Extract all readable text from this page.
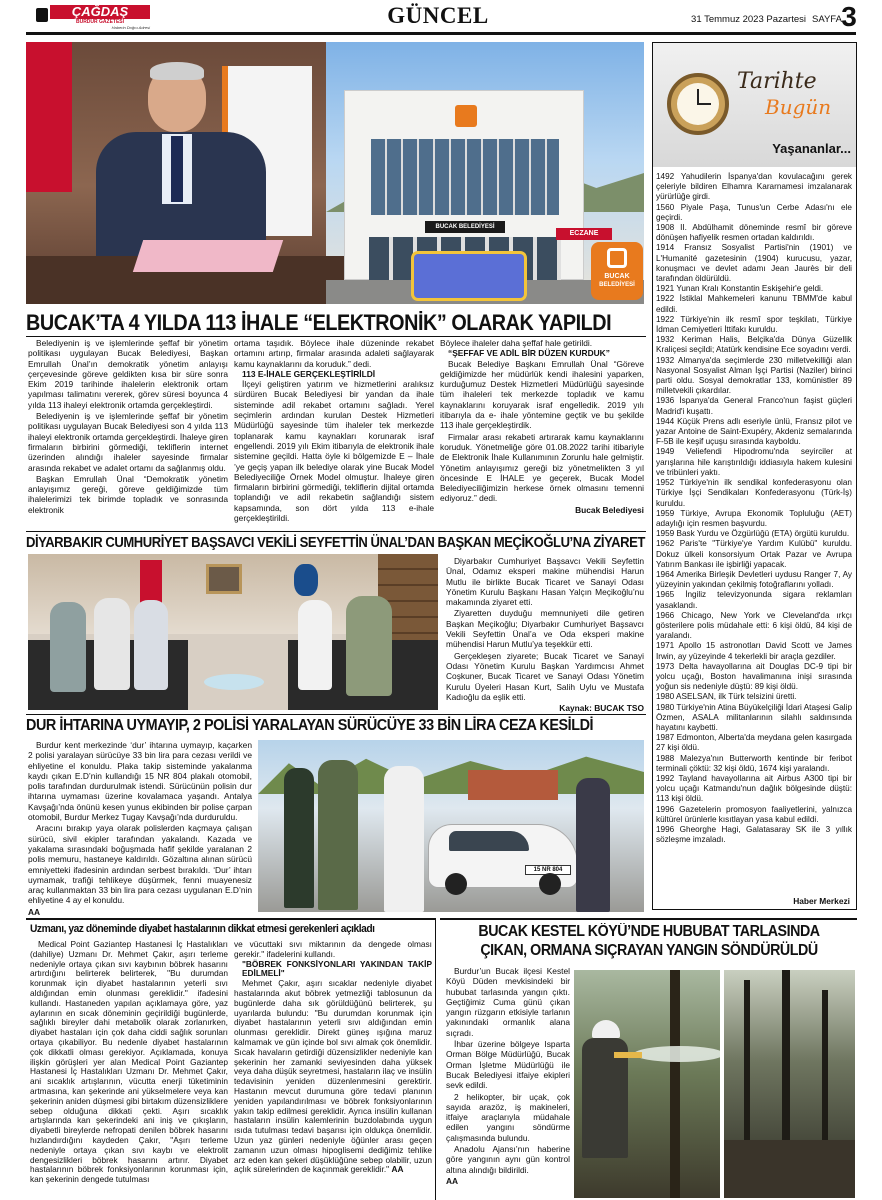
ÇAĞDAŞ
BURDUR GAZETESİ
Haberin Doğru Adresi	GÜNCEL	31 Temmuz 2023 Pazartesi SAYFA 3
BUCAK BELEDİYESİ
ECZANE
BUCAK
BELEDİYESİ
Tarihte
Bugün
Yaşananlar...
1492 Yahudilerin İspanya'dan kovulacağını gerek çeleriyle bildiren Elhamra Kararnamesi imzalanarak yürürlüğe girdi.
1560 Piyale Paşa, Tunus'un Cerbe Adası'nı ele geçirdi.
1908 II. Abdülhamit döneminde resmî bir göreve dönüşen hafiyelik resmen ortadan kaldırıldı.
1914 Fransız Sosyalist Partisi'nin (1901) ve L'Humanité gazetesinin (1904) kurucusu, yazar, konuşmacı ve devlet adamı Jean Jaurès bir deli tarafından öldürüldü.
1921 Yunan Kralı Konstantin Eskişehir'e geldi.
1922 İstiklal Mahkemeleri kanunu TBMM'de kabul edildi.
1922 Türkiye'nin ilk resmî spor teşkilatı, Türkiye İdman Cemiyetleri İttifakı kuruldu.
1932 Keriman Halis, Belçika'da Dünya Güzellik Kraliçesi seçildi; Atatürk kendisine Ece soyadını verdi.
1932 Almanya'da seçimlerde 230 milletvekilliği alan Nasyonal Sosyalist Alman İşçi Partisi (Naziler) birinci parti oldu. Sosyal demokratlar 133, komünistler 89 milletvekili çıkardılar.
1936 İspanya'da General Franco'nun faşist güçleri Madrid'i kuşattı.
1944 Küçük Prens adlı eseriyle ünlü, Fransız pilot ve yazar Antoine de Saint-Exupéry, Akdeniz semalarında F-5B ile keşif uçuşu sırasında kayboldu.
1949 Veliefendi Hipodromu'nda seyirciler at yarışlarına hile karıştırıldığı iddiasıyla hakem kulesini ve tribünleri yaktı.
1952 Türkiye'nin ilk sendikal konfederasyonu olan Türkiye İşçi Sendikaları Konfederasyonu (Türk-İş) kuruldu.
1959 Türkiye, Avrupa Ekonomik Topluluğu (AET) adaylığı için resmen başvurdu.
1959 Bask Yurdu ve Özgürlüğü (ETA) örgütü kuruldu.
1962 Paris'te "Türkiye'ye Yardım Kulübü" kuruldu. Dokuz ülkeli konsorsiyum Ortak Pazar ve Avrupa Yatırım Bankası ile işbirliği yapacak.
1964 Amerika Birleşik Devletleri uydusu Ranger 7, Ay yüzeyinin yakından çekilmiş fotoğraflarını yolladı.
1965 İngiliz televizyonunda sigara reklamları yasaklandı.
1966 Chicago, New York ve Cleveland'da ırkçı gösterilere polis müdahale etti: 6 kişi öldü, 84 kişi de yaralandı.
1971 Apollo 15 astronotları David Scott ve James Irwin, ay yüzeyinde 4 tekerlekli bir araçla gezdiler.
1973 Delta havayollarına ait Douglas DC-9 tipi bir yolcu uçağı, Boston havalimanına inişi sırasında yoğun sis nedeniyle düştü: 89 kişi öldü.
1980 ASELSAN, ilk Türk telsizini üretti.
1980 Türkiye'nin Atina Büyükelçiliği İdari Ataşesi Galip Özmen, ASALA militanlarının silahlı saldırısında hayatını kaybetti.
1987 Edmonton, Alberta'da meydana gelen kasırgada 27 kişi öldü.
1988 Malezya'nın Butterworth kentinde bir feribot terminali çöktü: 32 kişi öldü, 1674 kişi yaralandı.
1992 Tayland havayollarına ait Airbus A300 tipi bir yolcu uçağı Katmandu'nun dağlık bölgesinde düştü: 113 kişi öldü.
1996 Gazetelerin promosyon faaliyetlerini, yalnızca kültürel ürünlerle kısıtlayan yasa kabul edildi.
1996 Gheorghe Hagi, Galatasaray SK ile 3 yıllık sözleşme imzaladı.
Haber Merkezi
BUCAK’TA 4 YILDA 113 İHALE “ELEKTRONİK” OLARAK YAPILDI

Belediyenin iş ve işlemlerinde şeffaf bir yönetim politikası uygulayan Bucak Belediyesi, Başkan Emrullah Ünal’ın demokratik yönetim anlayışı çerçevesinde göreve geldikten kısa bir süre sonra Ekim 2019 tarihinde ihalelerin elektronik ortam yapılması talimatını vererek, görev süresi boyunca 4 yılda 113 ihaleyi elektronik ortamda gerçekleştirdi.

Belediyenin iş ve işlemlerinde şeffaf bir yönetim politikası uygulayan Bucak Belediyesi son 4 yılda 113 ihaleyi elektronik ortamda gerçekleştirdi. İhaleye giren firmaların birbirini görmediği, tekliflerin internet üzerinden alındığı ihaleler sayesinde firmalar arasında rekabet ve adalet ortamı da sağlanmış oldu.

Başkan Emrullah Ünal “Demokratik yönetim anlayışımız gereği, göreve geldiğimizde tüm ihalelerimizi tek birimde topladık ve sonrasında elektronik

ortama taşıdık. Böylece ihale düzeninde rekabet ortamını artırıp, firmalar arasında adaleti sağlayarak kamu kaynaklarını da koruduk.” dedi.
113 E-İHALE GERÇEKLEŞTİRİLDİ

İlçeyi geliştiren yatırım ve hizmetlerini aralıksız sürdüren Bucak Belediyesi bir yandan da ihale sisteminde adil rekabet ortamını sağladı. Yerel seçimlerin ardından kurulan Destek Hizmetleri Müdürlüğü sayesinde tüm ihaleler tek merkezde toplanarak kamu kaynakları korunarak israf engellendi. 2019 yılı Ekim itibarıyla de elektronik ihale sistemine geçildi. Hatta öyle ki bölgemizde E – İhale ’ye geçiş yapan ilk belediye olarak yine Bucak Model Belediyeciliğe Örnek Model olmuştur. İhaleye giren firmaların birbirini görmediği, tekliflerin dijital ortamda toplandığı ve adil rekabetin sağlandığı sistem kapsamında, son dört yılda 113 e-ihale gerçekleştirildi.

Böylece ihaleler daha şeffaf hale getirildi.
“ŞEFFAF VE ADİL BİR DÜZEN KURDUK”

Bucak Belediye Başkanı Emrullah Ünal “Göreve geldiğimizde her müdürlük kendi ihalesini yaparken, kurduğumuz Destek Hizmetleri Müdürlüğü sayesinde tüm ihaleleri tek merkezde topladık ve kamu kaynaklarını koruyarak israf engelledik. 2019 yılı itibarıyla da e- ihale yöntemine geçtik ve bu şekilde 113 ihale gerçekleştirdik.

Firmalar arası rekabeti artırarak kamu kaynaklarını koruduk. Yönetmeliğe göre 01.08.2022 tarihi itibariyle de Elektronik İhale Kullanımının Zorunlu hale gelmiştir. Yönetim anlayışımız gereği biz yönetmelikten 3 yıl öncesinde E İHALE ye geçerek, Bucak Model Belediyeciliğimizin herkese örnek olmasını temenni ediyoruz.” dedi.

Bucak Belediyesi
DİYARBAKIR CUMHURİYET BAŞSAVCI VEKİLİ SEYFETTİN ÜNAL’DAN BAŞKAN MEÇİKOĞLU’NA ZİYARET

Diyarbakır Cumhuriyet Başsavcı Vekili Seyfettin Ünal, Odamız eksperi makine mühendisi Harun Mutlu ile birlikte Bucak Ticaret ve Sanayi Odası Yönetim Kurulu Başkanı Hasan Yalçın Meçikoğlu’nu makamında ziyaret etti.

Ziyaretten duyduğu memnuniyeti dile getiren Başkan Meçikoğlu; Diyarbakır Cumhuriyet Başsavcı Vekili Seyfettin Ünal’a ve Oda eksperi makine mühendisi Harun Mutlu’ya teşekkür etti.

Gerçekleşen ziyarete; Bucak Ticaret ve Sanayi Odası Yönetim Kurulu Başkan Yardımcısı Ahmet Coşkuner, Bucak Ticaret ve Sanayi Odası Yönetim Kurulu Üyeleri Hasan Kurt, Salih Uylu ve Mustafa Kadıoğlu da eşlik etti.

Kaynak: BUCAK TSO
DUR İHTARINA UYMAYIP, 2 POLİSİ YARALAYAN SÜRÜCÜYE 33 BİN LİRA CEZA KESİLDİ

Burdur kent merkezinde ‘dur’ ihtarına uymayıp, kaçarken 2 polisi yaralayan sürücüye 33 bin lira para cezası verildi ve ehliyetine el konuldu. Plaka takip sisteminde yakalanma kaydı çıkan E.D’nin kullandığı 15 NR 804 plakalı otomobil, polis tarafından durdurulmak istendi. Sürücünün polisin dur ihtarına uymaması üzerine kovalamaca yaşandı. Antalya Kavşağı’nda önünü kesen yunus ekibinden bir polise çarpan otomobil, Burdur Merkez Tugay Kavşağı’nda durduruldu.

Aracını bırakıp yaya olarak polislerden kaçmaya çalışan sürücü, sivil ekipler tarafından yakalandı. Kazada ve yakalama sırasındaki boğuşmada hafif şekilde yaralanan 2 polis memuru, hastaneye kaldırıldı. Gözaltına alınan sürücü emniyetteki ifadesinin ardından serbest bırakıldı. ‘Dur’ ihtarı uymamak, trafiği tehlikeye düşürmek, fenni muayenesiz araç kullanmaktan 33 bin lira para cezası uygulanan E.D’nin ehliyetine 4 ay el konuldu.

AA
15 NR 804
Uzmanı, yaz döneminde diyabet hastalarının dikkat etmesi gerekenleri açıkladı

Medical Point Gaziantep Hastanesi İç Hastalıkları (dahiliye) Uzmanı Dr. Mehmet Çakır, aşırı terleme nedeniyle ortaya çıkan sıvı kaybının böbrek hasarını artırdığını belirterek belirterek, "Bu durumdan korunmak için diyabet hastalarının yeterli sıvı aldığından emin olunması gereklidir." ifadesini kullandı. Hastaneden yapılan açıklamaya göre, yaz aylarının en sıcak döneminin geçirildiği bugünlerde, sağlıklı bireyler dahi metabolik olarak zorlanırken, diyabet hastaları için çok daha ciddi sağlık sorunları ortaya çıkabiliyor. Bu nedenle diyabet hastalarının çok dikkatli olması gerekiyor. Açıklamada, konuya ilişkin görüşleri yer alan Medical Point Gaziantep Hastanesi İç Hastalıkları Uzmanı Dr. Mehmet Çakır, ani sıcaklık artışlarının, vücutta enerji tüketiminin artmasına, kan şekerinde ani yükselmelere veya kan şekerinin aniden düşmesi gibi birtakım düzensizliklere sebep olduğuna dikkati çekti. Aşırı sıcaklık artışlarında kan şekerindeki ani iniş ve çıkışların, diyabetli bireylerde nefropati denilen böbrek hasarını hızlandırdığını kaydeden Çakır, "Aşırı terleme nedeniyle ortaya çıkan sıvı kaybı ve elektrolit dengesizlikleri böbrek hasarını artırır. Diyabet hastalarının böbrek fonksiyonlarının korunması için, kan şekerinin dengede tutulması

ve vücuttaki sıvı miktarının da dengede olması gerekir." ifadelerini kullandı.
"BÖBREK FONKSİYONLARI YAKINDAN TAKİP EDİLMELİ"

Mehmet Çakır, aşırı sıcaklar nedeniyle diyabet hastalarında akut böbrek yetmezliği tablosunun da bugünlerde daha sık görüldüğünü belirterek, şu uyarılarda bulundu: "Bu durumdan korunmak için diyabet hastalarının yeterli sıvı aldığından emin olunması gereklidir. Direkt güneş ışığına maruz kalmamak ve gün içinde bol sıvı almak çok önemlidir. Sıcak havaların getirdiği düzensizlikler nedeniyle kan şekerinin her zamanki seviyesinden daha yüksek veya daha düşük seyretmesi, hastaların ilaç ve insülin tedavisinin yeniden düzenlenmesini gerektirir. Hastanın mevcut durumuna göre tedavi planının yeniden yapılandırılması ve böbrek fonksiyonlarının yakın takip edilmesi gereklidir. Ayrıca insülin kullanan hastaların insülin kalemlerinin buzdolabında uygun ısıda tutulması tedavi başarısı için oldukça önemlidir. Uzun yaz günleri nedeniyle öğünler arası geçen zamanın uzun olması hipoglisemi dediğimiz tehlike arz eden kan şekeri düşüklüğüne sebep olabilir, uzun açlık sürelerinden de kaçınmak gereklidir." AA

BUCAK KESTEL KÖYÜ’NDE HUBUBAT TARLASINDA ÇIKAN, ORMANA SIÇRAYAN YANGIN SÖNDÜRÜLDÜ

Burdur’un Bucak ilçesi Kestel Köyü Düden mevkisindeki bir hububat tarlasında yangın çıktı. Geçtiğimiz Cuma günü çıkan yangın rüzgarın etkisiyle tarlanın yakınındaki ormanlık alana sıçradı.

İhbar üzerine bölgeye Isparta Orman Bölge Müdürlüğü, Bucak Orman İşletme Müdürlüğü ile Bucak Belediyesi itfaiye ekipleri sevk edildi.

2 helikopter, bir uçak, çok sayıda arazöz, iş makineleri, itfaiye araçlarıyla müdahale edilen yangını söndürme çalışmasında bulundu.

Anadolu Ajansı’nın haberine göre yangının aynı gün kontrol altına alındığı bildirildi.

AA
